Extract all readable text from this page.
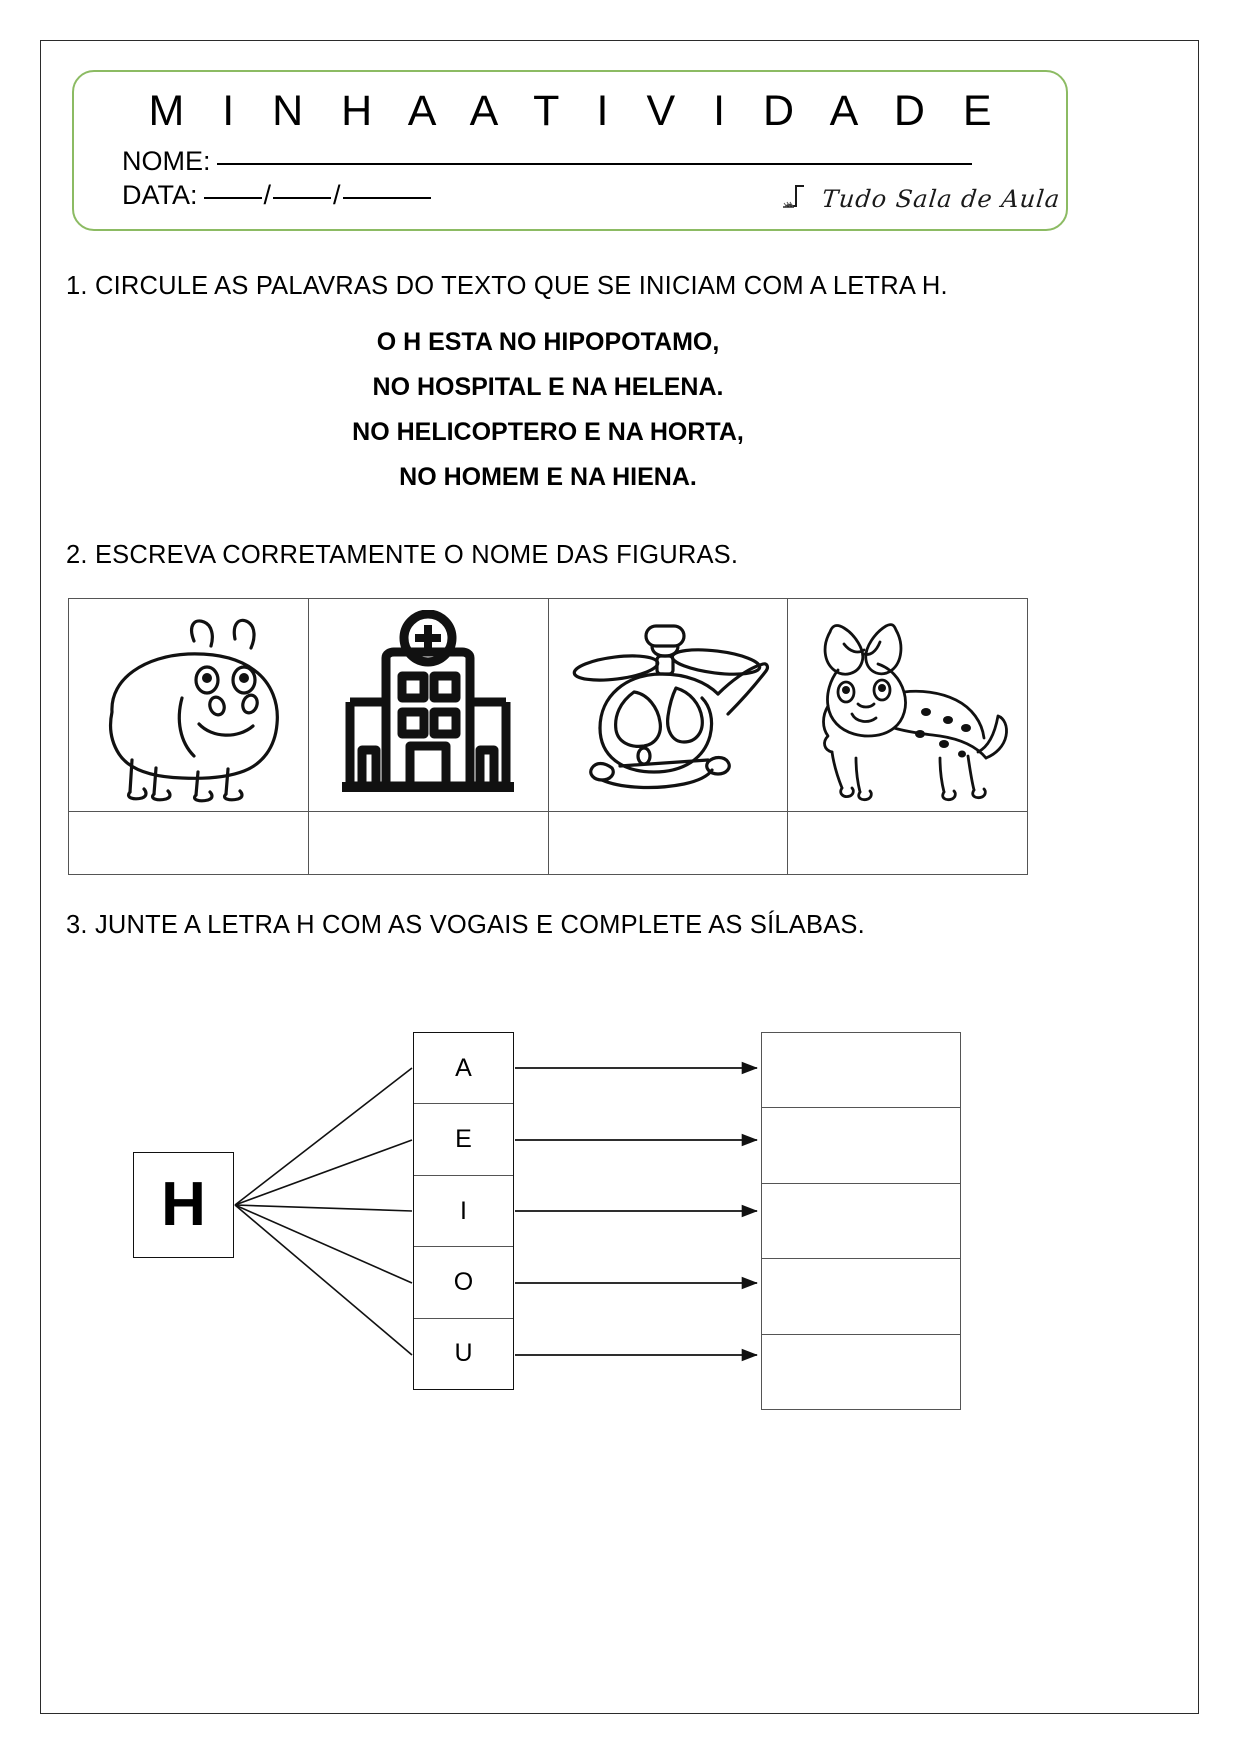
M I N H A A T I V I D A D E
NOME:
DATA: / /	Tudo Sala de Aula
1. CIRCULE AS PALAVRAS DO TEXTO QUE SE INICIAM COM A LETRA H.
O H ESTA NO HIPOPOTAMO,
NO HOSPITAL E NA HELENA.
NO HELICOPTERO E NA HORTA,
NO HOMEM E NA HIENA.
2. ESCREVA CORRETAMENTE O NOME DAS FIGURAS.

3. JUNTE A LETRA H COM AS VOGAIS E COMPLETE AS SÍLABAS.
H
A
E
I
O
U
